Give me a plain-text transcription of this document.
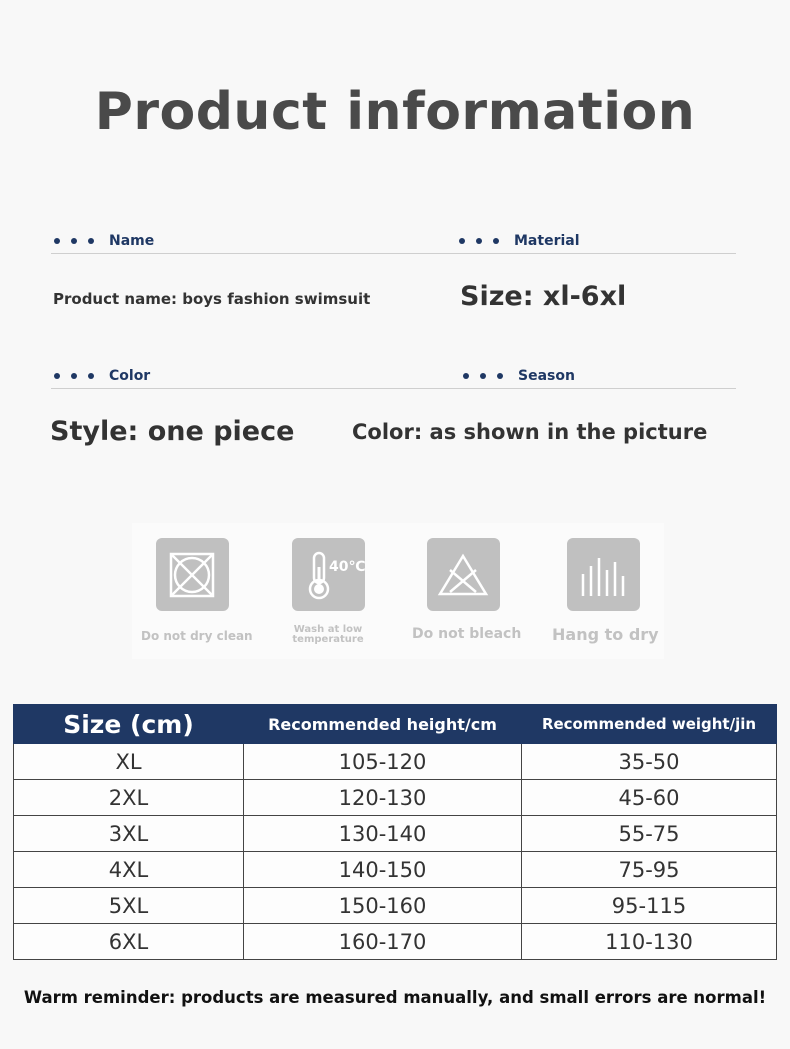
Product information
Name	Material
Product name: boys fashion swimsuit	Size: xl-6xl
Color	Season
Style: one piece	Color: as shown in the picture
Do not dry clean
40℃
Wash at low
temperature	Do not bleach Hang to dry
Size (cm)	Recommended height/cm	Recommended weight/jin
XL	105-120	35-50
2XL	120-130	45-60
3XL	130-140	55-75
4XL	140-150	75-95
5XL	150-160	95-115
6XL	160-170	110-130
Warm reminder: products are measured manually, and small errors are normal!
